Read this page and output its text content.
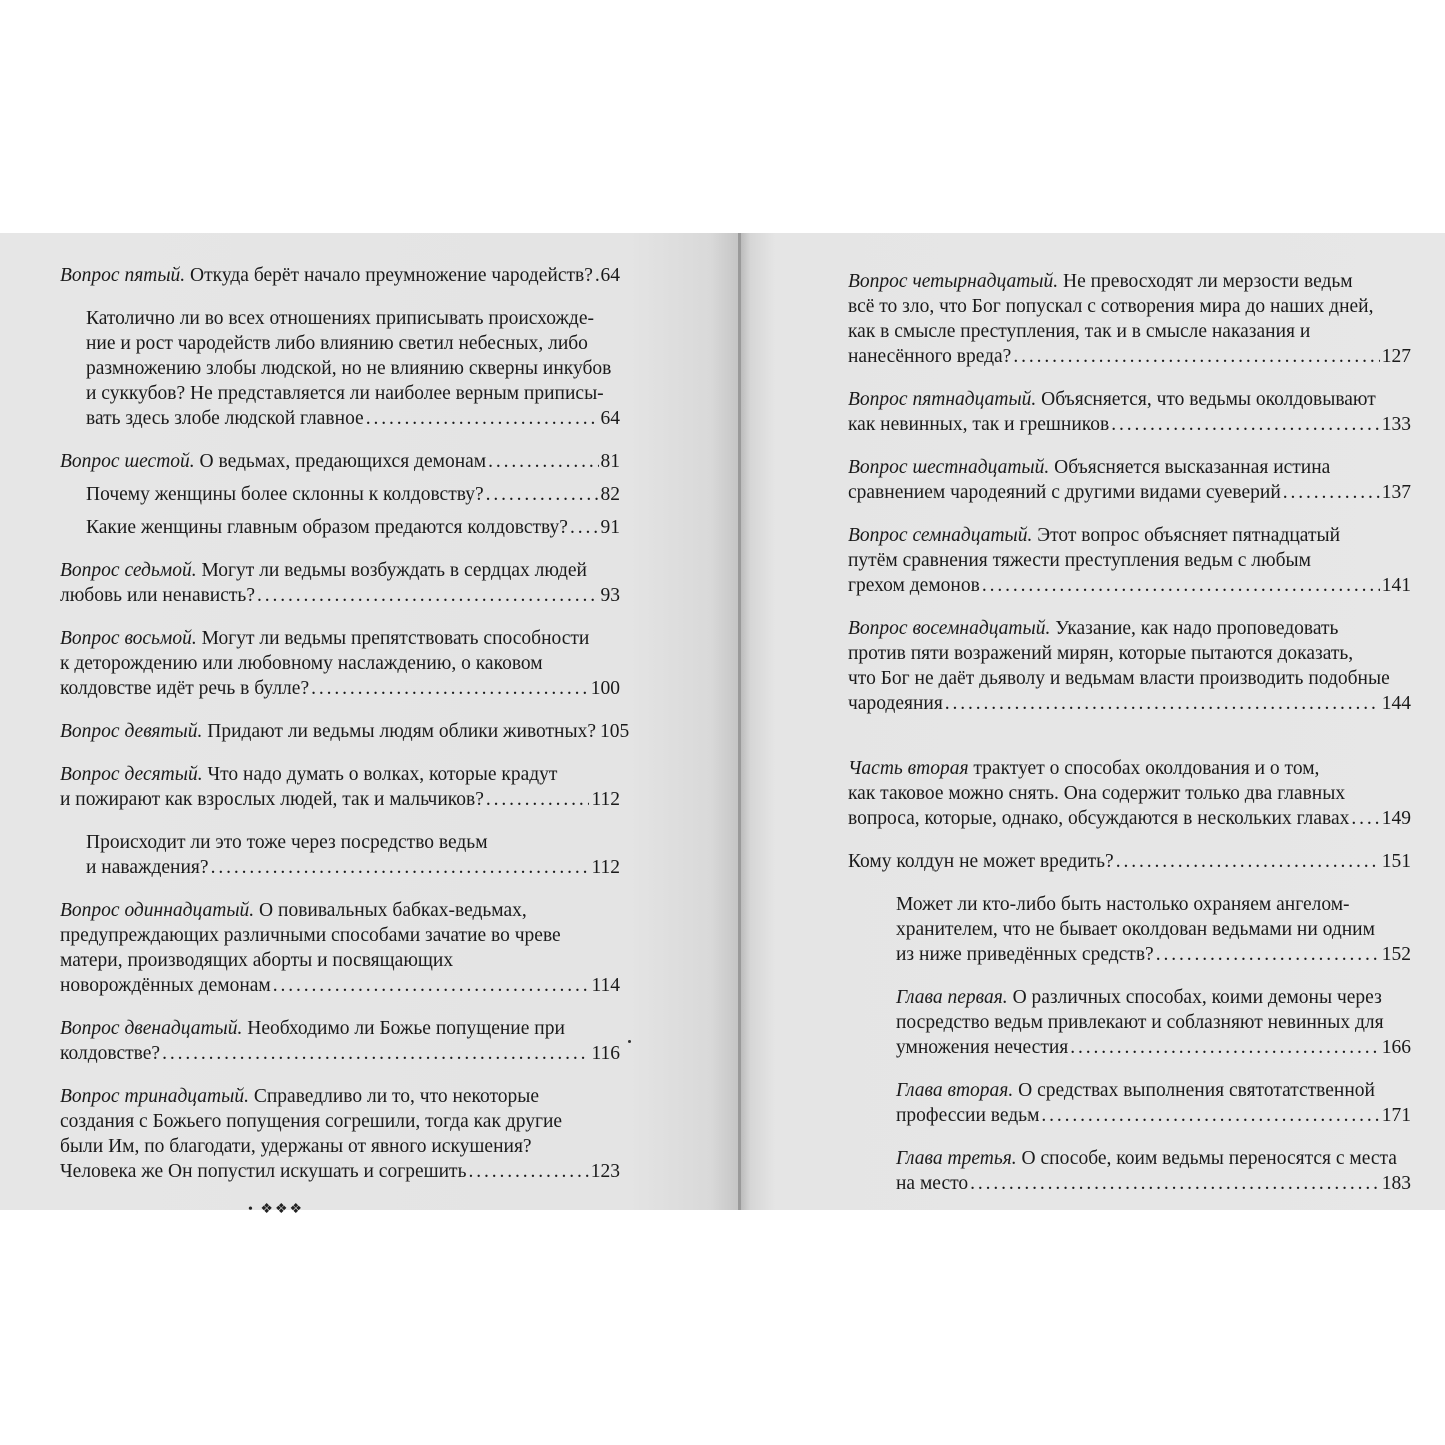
Вопрос пятый. Откуда берёт начало преумножение чародейств? . . . 64
Католично ли во всех отношениях приписывать происхожде-
ние и рост чародейств либо влиянию светил небесных, либо
размножению злобы людской, но не влиянию скверны инкубов
и суккубов? Не представляется ли наиболее верным приписы-
вать здесь злобе людской главное . . .	64
Вопрос шестой. О ведьмах, предающихся демонам . . .	81
Почему женщины более склонны к колдовству? . . .	82
Какие женщины главным образом предаются колдовству? . . . 91
Вопрос седьмой. Могут ли ведьмы возбуждать в сердцах людей
любовь или ненависть? . . .	93
Вопрос восьмой. Могут ли ведьмы препятствовать способности
к деторождению или любовному наслаждению, о каковом
колдовстве идёт речь в булле? . . .	100
Вопрос девятый. Придают ли ведьмы людям облики животных? 105
Вопрос десятый. Что надо думать о волках, которые крадут
и пожирают как взрослых людей, так и мальчиков? . . .	112
Происходит ли это тоже через посредство ведьм
и наваждения? . . .	112
Вопрос одиннадцатый. О повивальных бабках-ведьмах,
предупреждающих различными способами зачатие во чреве
матери, производящих аборты и посвящающих
новорождённых демонам . . .	114
Вопрос двенадцатый. Необходимо ли Божье попущение при
колдовстве? . . .	116
Вопрос тринадцатый. Справедливо ли то, что некоторые
создания с Божьего попущения согрешили, тогда как другие
были Им, по благодати, удержаны от явного искушения?
Человека же Он попустил искушать и согрешить . . .	123
• ❖❖❖
Вопрос четырнадцатый. Не превосходят ли мерзости ведьм
всё то зло, что Бог попускал с сотворения мира до наших дней,
как в смысле преступления, так и в смысле наказания и
нанесённого вреда? . . .	127
Вопрос пятнадцатый. Объясняется, что ведьмы околдовывают
как невинных, так и грешников . . .	133
Вопрос шестнадцатый. Объясняется высказанная истина
сравнением чародеяний с другими видами суеверий . . .	137
Вопрос семнадцатый. Этот вопрос объясняет пятнадцатый
путём сравнения тяжести преступления ведьм с любым
грехом демонов . . .	141
Вопрос восемнадцатый. Указание, как надо проповедовать
против пяти возражений мирян, которые пытаются доказать,
что Бог не даёт дьяволу и ведьмам власти производить подобные
чародеяния . . .	144
Часть вторая трактует о способах околдования и о том,
как таковое можно снять. Она содержит только два главных
вопроса, которые, однако, обсуждаются в нескольких главах . . . 149
Кому колдун не может вредить? . . .	151
Может ли кто-либо быть настолько охраняем ангелом-
хранителем, что не бывает околдован ведьмами ни одним
из ниже приведённых средств? . . .	152
Глава первая. О различных способах, коими демоны через
посредство ведьм привлекают и соблазняют невинных для
умножения нечестия . . .	166
Глава вторая. О средствах выполнения святотатственной
профессии ведьм . . .	171
Глава третья. О способе, коим ведьмы переносятся с места
на место . . .	183
